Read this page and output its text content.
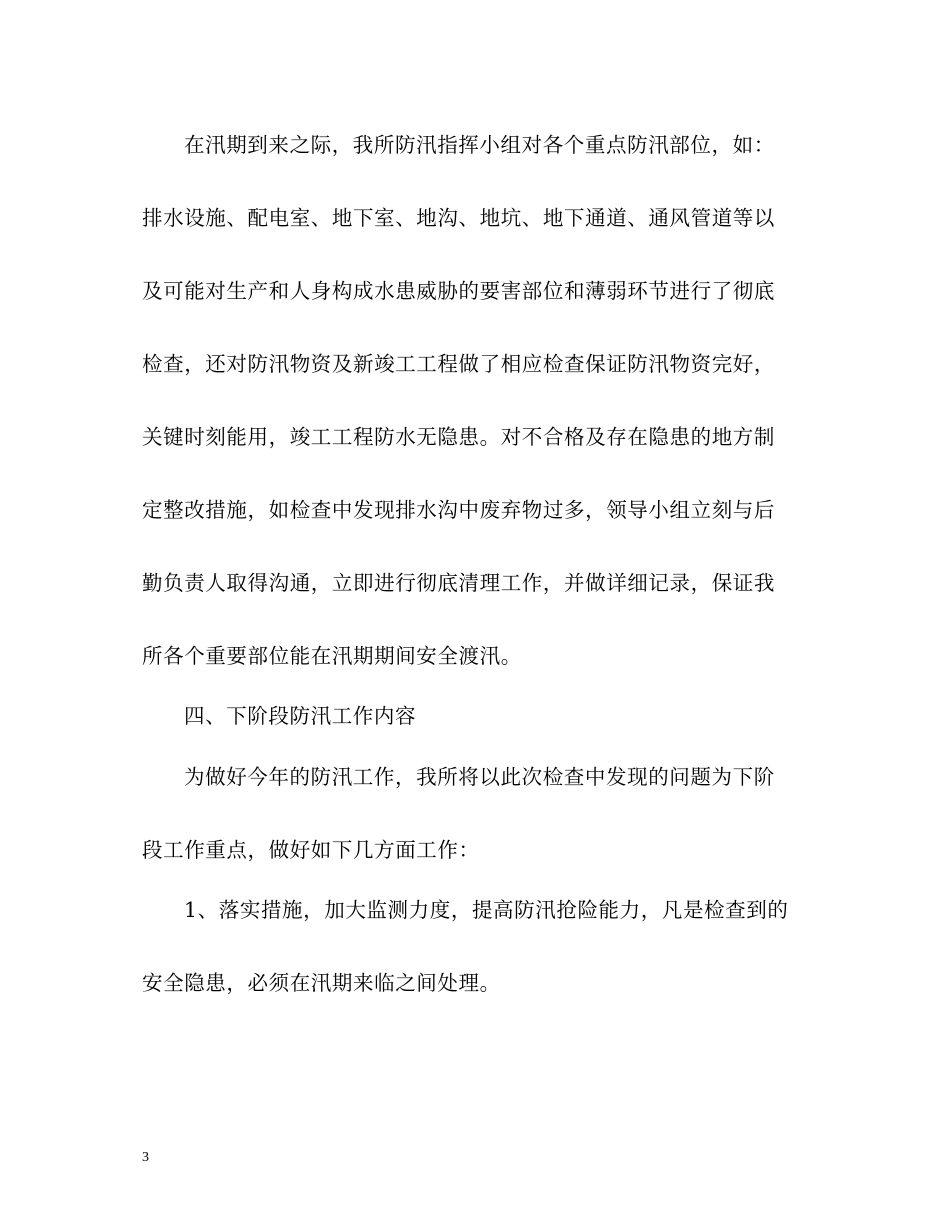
在汛期到来之际，我所防汛指挥小组对各个重点防汛部位，如：
排水设施、配电室、地下室、地沟、地坑、地下通道、通风管道等以
及可能对生产和人身构成水患威胁的要害部位和薄弱环节进行了彻底
检查，还对防汛物资及新竣工工程做了相应检查保证防汛物资完好，
关键时刻能用，竣工工程防水无隐患。对不合格及存在隐患的地方制
定整改措施，如检查中发现排水沟中废弃物过多，领导小组立刻与后
勤负责人取得沟通，立即进行彻底清理工作，并做详细记录，保证我
所各个重要部位能在汛期期间安全渡汛。
四、下阶段防汛工作内容
为做好今年的防汛工作，我所将以此次检查中发现的问题为下阶
段工作重点，做好如下几方面工作：
1、落实措施，加大监测力度，提高防汛抢险能力，凡是检查到的
安全隐患，必须在汛期来临之间处理。
3
